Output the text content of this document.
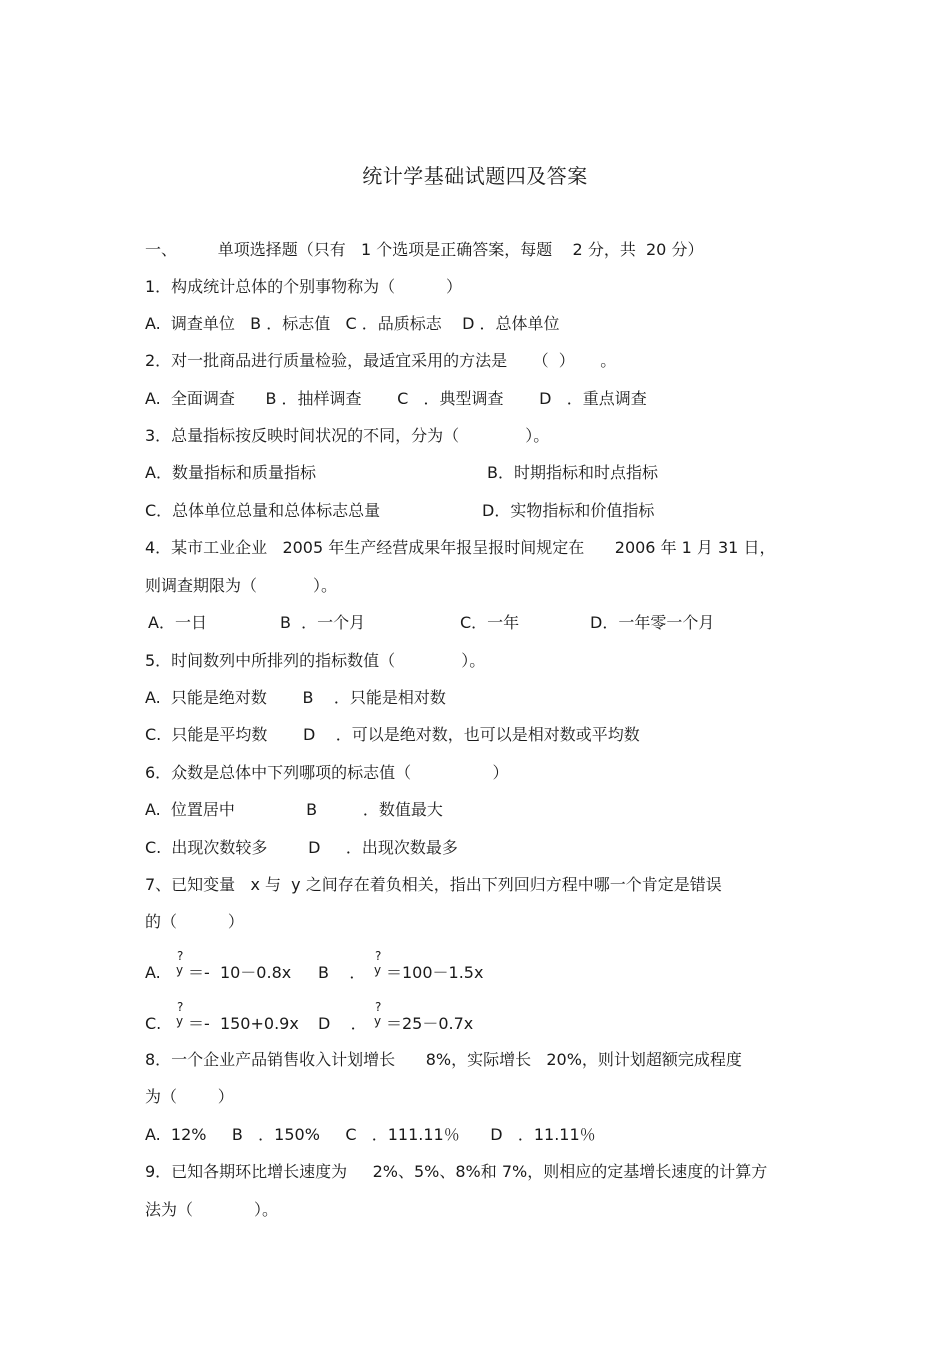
统计学基础试题四及答案
一、        单项选择题（只有   1 个选项是正确答案，每题    2 分，共  20 分）
1．构成统计总体的个别事物称为（          ）
A.  调查单位   B ．标志值   C ．品质标志    D ．总体单位
2．对一批商品进行质量检验，最适宜采用的方法是     （  ）     。
A.  全面调查      B ．抽样调查       C   ．典型调查       D   ．重点调查
3．总量指标按反映时间状况的不同，分为（             ）。
A．数量指标和质量指标	B．时期指标和时点指标
C．总体单位总量和总体标志总量	D．实物指标和价值指标
4．某市工业企业   2005 年生产经营成果年报呈报时间规定在      2006 年 1 月 31 日，
则调查期限为（           ）。
A．一日	B  ．一个月	C．一年	D．一年零一个月
5．时间数列中所排列的指标数值（             ）。
A.  只能是绝对数       B    ．只能是相对数
C.  只能是平均数       D    ．可以是绝对数，也可以是相对数或平均数
6．众数是总体中下列哪项的标志值（                ）
A.  位置居中              B         ．数值最大
C.  出现次数较多        D     ．出现次数最多
7、已知变量   x 与  y 之间存在着负相关，指出下列回归方程中哪一个肯定是错误
的（          ）
A.
?
y ＝-  10－0.8x B    ．
?
y ＝100－1.5x
C.
?
y ＝-  150+0.9x D    ．
?
y ＝25－0.7x
8．一个企业产品销售收入计划增长      8%，实际增长   20%，则计划超额完成程度
为（        ）
A.  12%     B   ．150%     C   ．111.11％      D   ．11.11％
9．已知各期环比增长速度为     2%、5%、8%和 7%，则相应的定基增长速度的计算方
法为（            ）。
